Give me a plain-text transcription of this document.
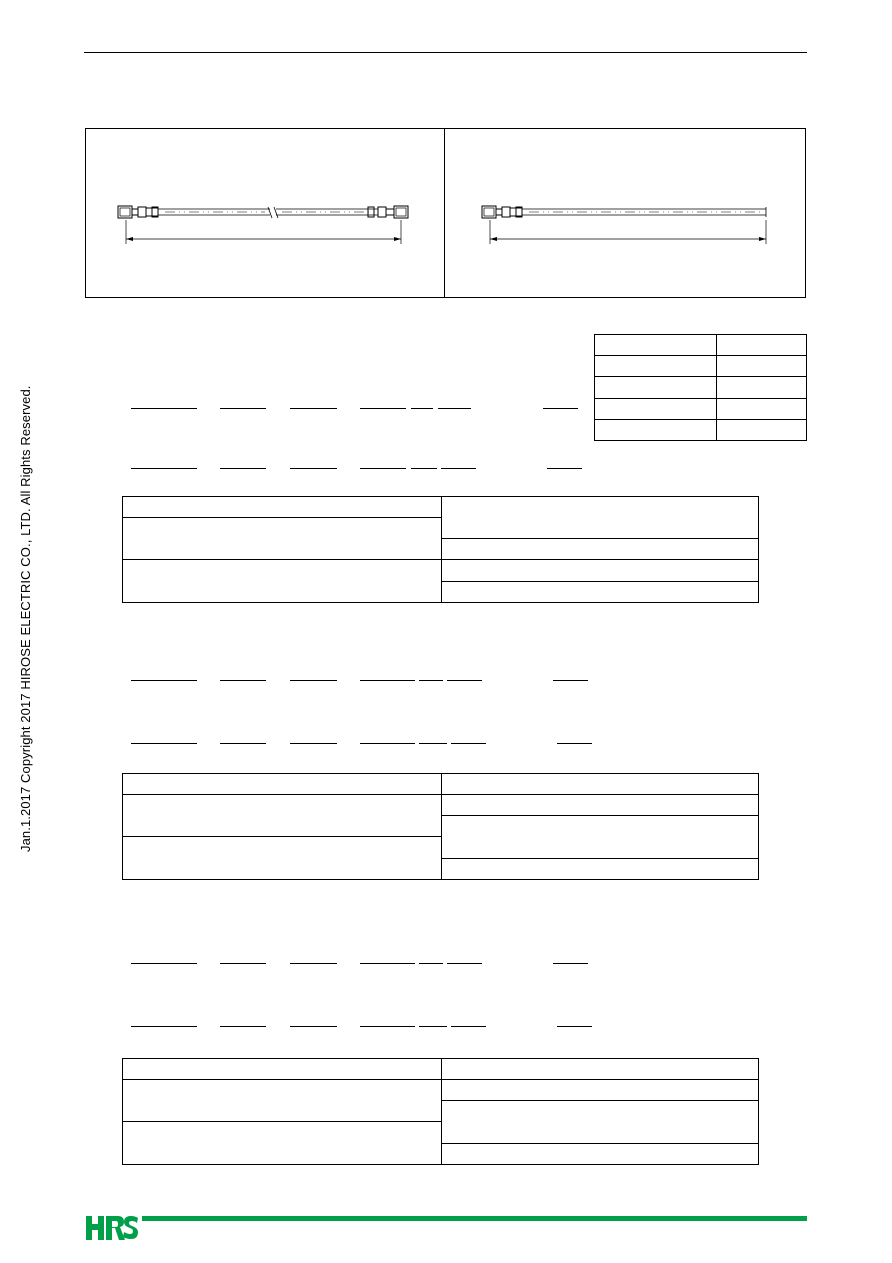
Jan.1.2017 Copyright 2017 HIROSE ELECTRIC CO., LTD. All Rights Reserved.
